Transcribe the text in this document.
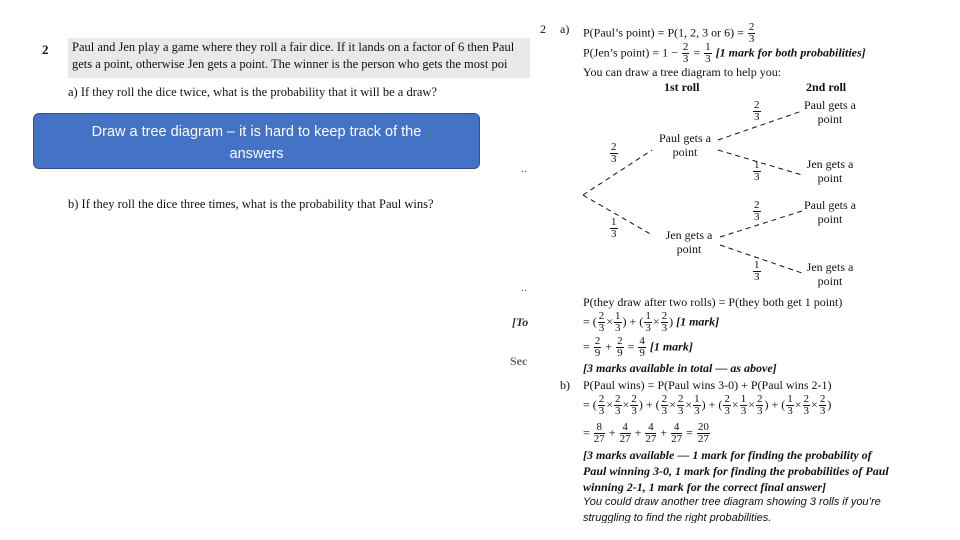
2 Paul and Jen play a game where they roll a fair dice. If it lands on a factor of 6 then Paul
gets a point, otherwise Jen gets a point. The winner is the person who gets the most poi
a) If they roll the dice twice, what is the probability that it will be a draw?
b) If they roll the dice three times, what is the probability that Paul wins?
..
..
[To
Sec
Draw a tree diagram – it is hard to keep track of the
answers
2 a) P(Paul’s point) = P(1, 2, 3 or $6) = \frac{2}{3}$
P(Jen’s point) = $1 - \frac{2}{3} = \frac{1}{3} [1$ mark for both probabilities]
You can draw a tree diagram to help you:
1st roll	2nd roll
$\frac{2}{3}$
$\frac{1}{3}$
$\frac{2}{3}$
$\frac{1}{3}$
$\frac{2}{3}$
$\frac{1}{3}$
Paul gets a point
Jen gets a point
Paul gets a point
Jen gets a point
Paul gets a point
Jen gets a point
P(they draw after two rolls) = P(they both get 1 point)
= ( $\frac{2}{3} \times \frac{1}{3}$ ) + ( $\frac{1}{3} \times \frac{2}{3}$ ) [1 mark]
= $\frac{2}{9} + \frac{2}{9} = \frac{4}{9} [1$ mark]
[3 marks available in total — as above]
b) P(Paul wins) = P(Paul wins 3-0) + P(Paul wins 2-1)
= ( $\frac{2}{3} \times \frac{2}{3} \times \frac{2}{3}$ ) + ( $\frac{2}{3} \times \frac{2}{3} \times \frac{1}{3}$ ) + ( $\frac{2}{3} \times \frac{1}{3} \times \frac{2}{3}$ ) + ( $\frac{1}{3} \times \frac{2}{3} \times \frac{2}{3}$ )
= $\frac{8}{27} + \frac{4}{27} + \frac{4}{27} + \frac{4}{27} = \frac{20}{27}$
[3 marks available — 1 mark for finding the probability of
Paul winning 3-0, 1 mark for finding the probabilities of Paul
winning 2-1, 1 mark for the correct final answer]
You could draw another tree diagram showing 3 rolls if you’re
struggling to find the right probabilities.
